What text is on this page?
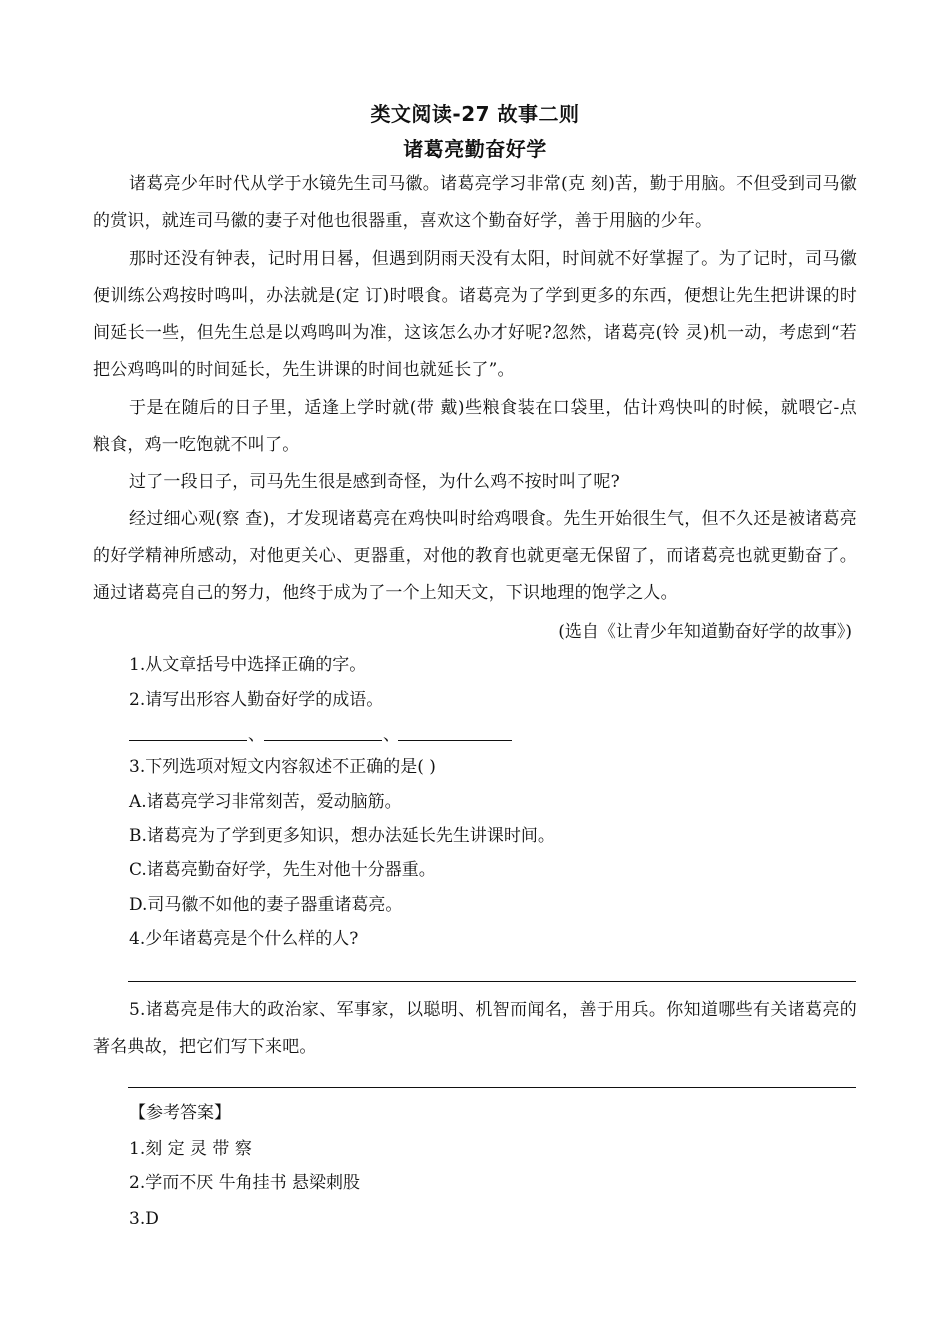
类文阅读-27 故事二则
诸葛亮勤奋好学
诸葛亮少年时代从学于水镜先生司马徽。诸葛亮学习非常(克 刻)苦，勤于用脑。不但受到司马徽的赏识，就连司马徽的妻子对他也很器重，喜欢这个勤奋好学，善于用脑的少年。
那时还没有钟表，记时用日晷，但遇到阴雨天没有太阳，时间就不好掌握了。为了记时，司马徽便训练公鸡按时鸣叫，办法就是(定 订)时喂食。诸葛亮为了学到更多的东西，便想让先生把讲课的时间延长一些，但先生总是以鸡鸣叫为准，这该怎么办才好呢?忽然，诸葛亮(铃 灵)机一动，考虑到“若把公鸡鸣叫的时间延长，先生讲课的时间也就延长了”。
于是在随后的日子里，适逢上学时就(带 戴)些粮食装在口袋里，估计鸡快叫的时候，就喂它-点粮食，鸡一吃饱就不叫了。
过了一段日子，司马先生很是感到奇怪，为什么鸡不按时叫了呢?
经过细心观(察 查)，才发现诸葛亮在鸡快叫时给鸡喂食。先生开始很生气，但不久还是被诸葛亮的好学精神所感动，对他更关心、更器重，对他的教育也就更毫无保留了，而诸葛亮也就更勤奋了。通过诸葛亮自己的努力，他终于成为了一个上知天文，下识地理的饱学之人。
(选自《让青少年知道勤奋好学的故事》)
1.从文章括号中选择正确的字。
2.请写出形容人勤奋好学的成语。
、	、
3.下列选项对短文内容叙述不正确的是( )
A.诸葛亮学习非常刻苦，爱动脑筋。
B.诸葛亮为了学到更多知识，想办法延长先生讲课时间。
C.诸葛亮勤奋好学，先生对他十分器重。
D.司马徽不如他的妻子器重诸葛亮。
4.少年诸葛亮是个什么样的人?
5.诸葛亮是伟大的政治家、军事家，以聪明、机智而闻名，善于用兵。你知道哪些有关诸葛亮的著名典故，把它们写下来吧。
【参考答案】
1.刻 定 灵 带 察
2.学而不厌 牛角挂书 悬梁刺股
3.D
